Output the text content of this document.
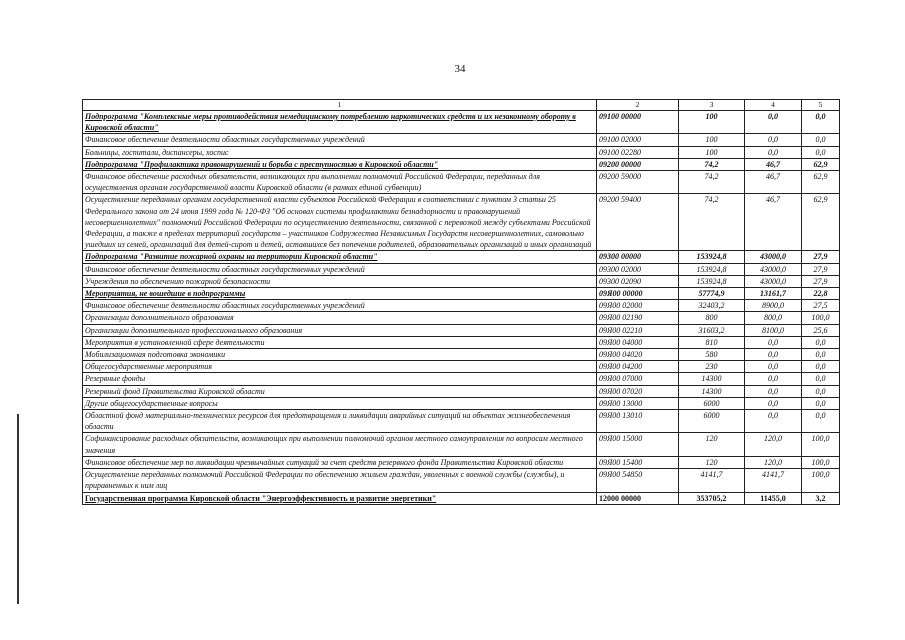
34
1	2	3	4	5
Подпрограмма "Комплексные меры противодействия немедицинскому потреблению наркотических средств и их незаконному обороту в Кировской области"	09100 00000	100	0,0	0,0
Финансовое обеспечение деятельности областных государственных учреждений	09100 02000	100	0,0	0,0
Больницы, госпитали, диспансеры, хоспис	09100 02280	100	0,0	0,0
Подпрограмма "Профилактика правонарушений и борьба с преступностью в Кировской области"	09200 00000	74,2	46,7	62,9
Финансовое обеспечение расходных обязательств, возникающих при выполнении полномочий Российской Федерации, переданных для осуществления органам государственной власти Кировской области (в рамках единой субвенции)	09200 59000	74,2	46,7	62,9
Осуществление переданных органам государственной власти субъектов Российской Федерации в соответствии с пунктом 3 статьи 25 Федерального закона от 24 июня 1999 года № 120-ФЗ "Об основах системы профилактики безнадзорности и правонарушений несовершеннолетних" полномочий Российской Федерации по осуществлению деятельности, связанной с перевозкой между субъектами Российской Федерации, а также в пределах территорий государств – участников Содружества Независимых Государств несовершеннолетних, самовольно ушедших из семей, организаций для детей-сирот и детей, оставшихся без попечения родителей, образовательных организаций и иных организаций	09200 59400	74,2	46,7	62,9
Подпрограмма "Развитие пожарной охраны на территории Кировской области"	09300 00000	153924,8	43000,0	27,9
Финансовое обеспечение деятельности областных государственных учреждений	09300 02000	153924,8	43000,0	27,9
Учреждения по обеспечению пожарной безопасности	09300 02090	153924,8	43000,0	27,9
Мероприятия, не вошедшие в подпрограммы	09Я00 00000	57774,9	13161,7	22,8
Финансовое обеспечение деятельности областных государственных учреждений	09Я00 02000	32403,2	8900,0	27,5
Организации дополнительного образования	09Я00 02190	800	800,0	100,0
Организации дополнительного профессионального образования	09Я00 02210	31603,2	8100,0	25,6
Мероприятия в установленной сфере деятельности	09Я00 04000	810	0,0	0,0
Мобилизационная подготовка экономики	09Я00 04020	580	0,0	0,0
Общегосударственные мероприятия	09Я00 04200	230	0,0	0,0
Резервные фонды	09Я00 07000	14300	0,0	0,0
Резервный фонд Правительства Кировской области	09Я00 07020	14300	0,0	0,0
Другие общегосударственные вопросы	09Я00 13000	6000	0,0	0,0
Областной фонд материально-технических ресурсов для предотвращения и ликвидации аварийных ситуаций на объектах жизнеобеспечения области	09Я00 13010	6000	0,0	0,0
Софинансирование расходных обязательств, возникающих при выполнении полномочий органов местного самоуправления по вопросам местного значения	09Я00 15000	120	120,0	100,0
Финансовое обеспечение мер по ликвидации чрезвычайных ситуаций за счет средств резервного фонда Правительства Кировской области	09Я00 15400	120	120,0	100,0
Осуществление переданных полномочий Российской Федерации по обеспечению жильем граждан, уволенных с военной службы (службы), и приравненных к ним лиц	09Я00 54850	4141,7	4141,7	100,0
Государственная программа Кировской области "Энергоэффективность и развитие энергетики"	12000 00000	353705,2	11455,0	3,2
